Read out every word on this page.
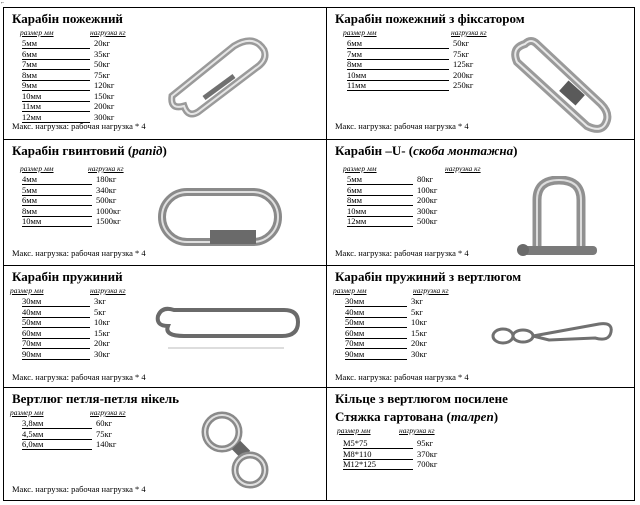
⌐
Карабін пожежний
размер мм	нагрузка кг
5мм	20кг
6мм	35кг
7мм	50кг
8мм	75кг
9мм	120кг
10мм	150кг
11мм	200кг
12мм	300кг
Макс. нагрузка: рабочая нагрузка * 4
Карабін пожежний з фіксатором
размер мм	нагрузка кг
6мм	50кг
7мм	75кг
8мм	125кг
10мм	200кг
11мм	250кг
Макс. нагрузка: рабочая нагрузка * 4
Карабін гвинтовий (рапід)
размер мм	нагрузка кг
4мм	180кг
5мм	340кг
6мм	500кг
8мм	1000кг
10мм	1500кг
Макс. нагрузка: рабочая нагрузка * 4
Карабін –U- (скоба монтажна)
размер мм	нагрузка кг
5мм	80кг
6мм	100кг
8мм	200кг
10мм	300кг
12мм	500кг
Макс. нагрузка: рабочая нагрузка * 4
Карабін пружиний
размер мм	нагрузка кг
30мм	3кг
40мм	5кг
50мм	10кг
60мм	15кг
70мм	20кг
90мм	30кг
Макс. нагрузка: рабочая нагрузка * 4
Карабін пружиний з вертлюгом
размер мм	нагрузка кг
30мм	3кг
40мм	5кг
50мм	10кг
60мм	15кг
70мм	20кг
90мм	30кг
Макс. нагрузка: рабочая нагрузка * 4
Вертлюг петля-петля нікель
размер мм	нагрузка кг
3,8мм	60кг
4,5мм	75кг
6,0мм	140кг
Макс. нагрузка: рабочая нагрузка * 4
Кільце з вертлюгом посилене
Стяжка гартована (талреп)
размер мм	нагрузка кг
M5*75	95кг
M8*110	370кг
M12*125	700кг
